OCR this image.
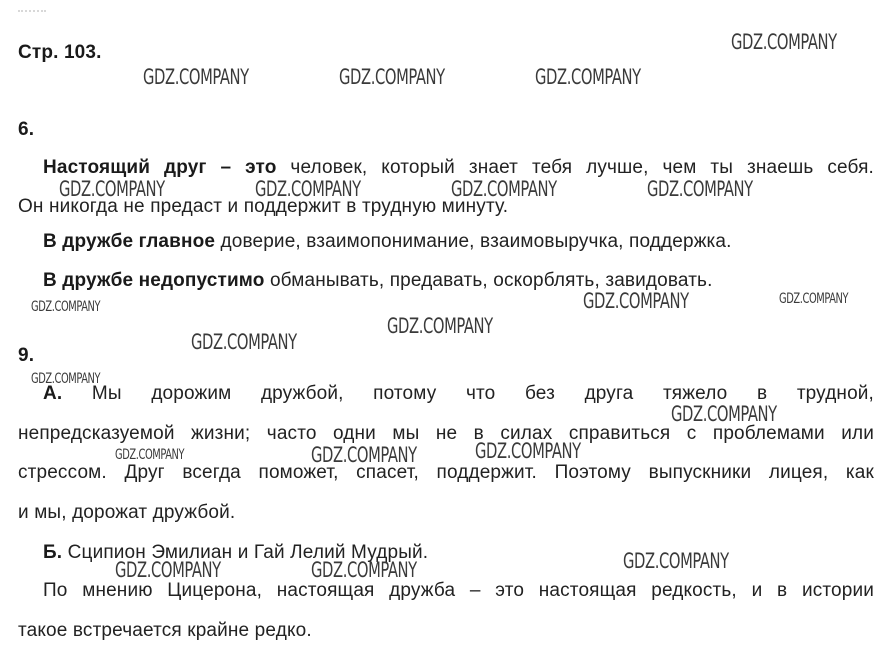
Стр. 103.
6.
Настоящий друг – это человек, который знает тебя лучше, чем ты знаешь себя.
Он никогда не предаст и поддержит в трудную минуту.
В дружбе главное доверие, взаимопонимание, взаимовыручка, поддержка.
В дружбе недопустимо обманывать, предавать, оскорблять, завидовать.
9.
А. Мы дорожим дружбой, потому что без друга тяжело в трудной,
непредсказуемой жизни; часто одни мы не в силах справиться с проблемами или
стрессом. Друг всегда поможет, спасет, поддержит. Поэтому выпускники лицея, как
и мы, дорожат дружбой.
Б. Сципион Эмилиан и Гай Лелий Мудрый.
По мнению Цицерона, настоящая дружба – это настоящая редкость, и в истории
такое встречается крайне редко.
GDZ.COMPANY
GDZ.COMPANY	GDZ.COMPANY	GDZ.COMPANY
GDZ.COMPANY	GDZ.COMPANY	GDZ.COMPANY	GDZ.COMPANY
GDZ.COMPANY	GDZ.COMPANY	GDZ.COMPANY
GDZ.COMPANY
GDZ.COMPANY
GDZ.COMPANY
GDZ.COMPANY
GDZ.COMPANY
GDZ.COMPANY	GDZ.COMPANY
GDZ.COMPANY
GDZ.COMPANY	GDZ.COMPANY
